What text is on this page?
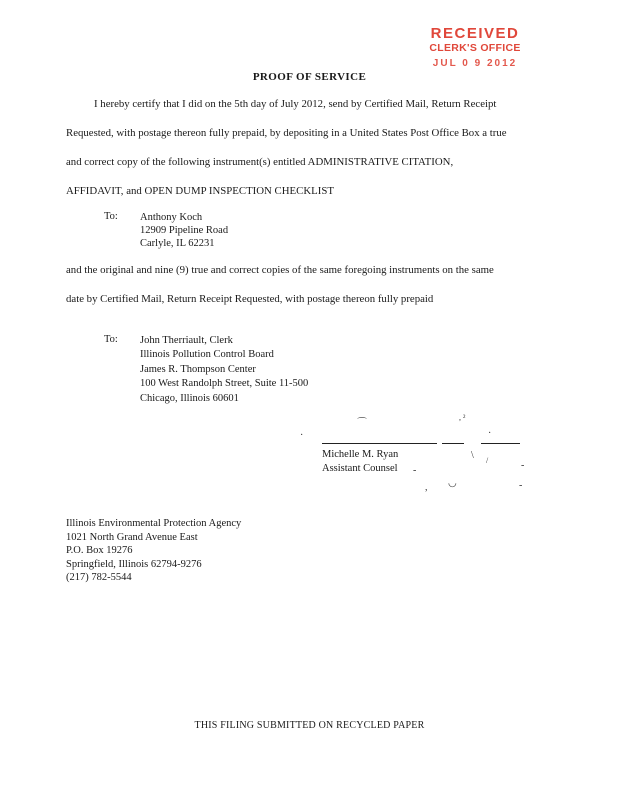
RECEIVED
CLERK'S OFFICE
JUL 0 9 2012
PROOF OF SERVICE
I hereby certify that I did on the 5th day of July 2012, send by Certified Mail, Return Receipt
Requested, with postage thereon fully prepaid, by depositing in a United States Post Office Box a true
and correct copy of the following instrument(s) entitled ADMINISTRATIVE CITATION,
AFFIDAVIT, and OPEN DUMP INSPECTION CHECKLIST
To: Anthony Koch
12909 Pipeline Road
Carlyle, IL 62231
and the original and nine (9) true and correct copies of the same foregoing instruments on the same
date by Certified Mail, Return Receipt Requested, with postage thereon fully prepaid
To: John Therriault, Clerk
Illinois Pollution Control Board
James R. Thompson Center
100 West Randolph Street, Suite 11-500
Chicago, Illinois 60601
⌒
, ²
·	·
\ /	-
-
, ◡	-
Michelle M. Ryan
Assistant Counsel
Illinois Environmental Protection Agency
1021 North Grand Avenue East
P.O. Box 19276
Springfield, Illinois 62794-9276
(217) 782-5544
THIS FILING SUBMITTED ON RECYCLED PAPER
